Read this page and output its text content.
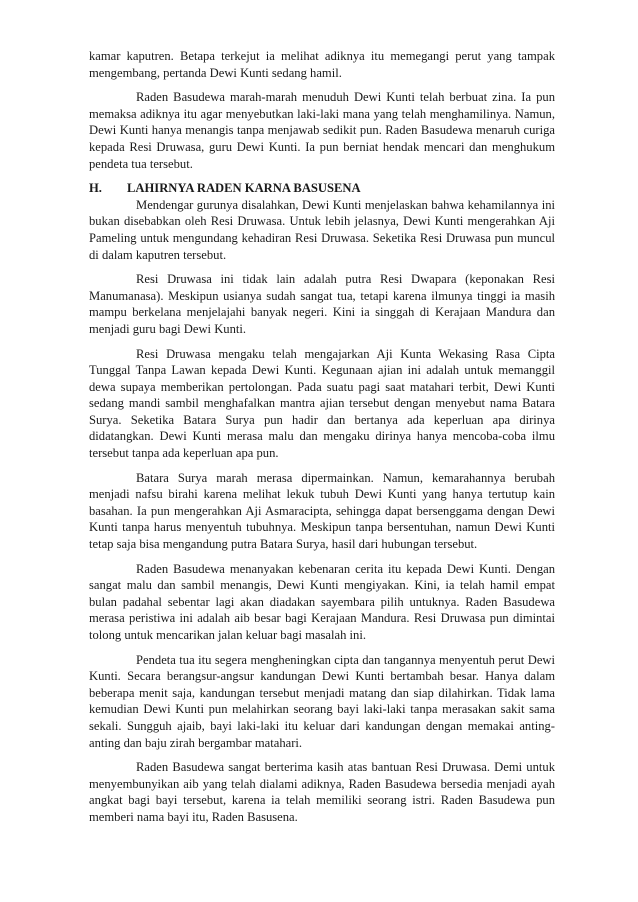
kamar kaputren. Betapa terkejut ia melihat adiknya itu memegangi perut yang tampak mengembang, pertanda Dewi Kunti sedang hamil.

Raden Basudewa marah-marah menuduh Dewi Kunti telah berbuat zina. Ia pun memaksa adiknya itu agar menyebutkan laki-laki mana yang telah menghamilinya. Namun, Dewi Kunti hanya menangis tanpa menjawab sedikit pun. Raden Basudewa menaruh curiga kepada Resi Druwasa, guru Dewi Kunti. Ia pun berniat hendak mencari dan menghukum pendeta tua tersebut.

H.	LAHIRNYA RADEN KARNA BASUSENA

Mendengar gurunya disalahkan, Dewi Kunti menjelaskan bahwa kehamilannya ini bukan disebabkan oleh Resi Druwasa. Untuk lebih jelasnya, Dewi Kunti mengerahkan Aji Pameling untuk mengundang kehadiran Resi Druwasa. Seketika Resi Druwasa pun muncul di dalam kaputren tersebut.

Resi Druwasa ini tidak lain adalah putra Resi Dwapara (keponakan Resi Manumanasa). Meskipun usianya sudah sangat tua, tetapi karena ilmunya tinggi ia masih mampu berkelana menjelajahi banyak negeri. Kini ia singgah di Kerajaan Mandura dan menjadi guru bagi Dewi Kunti.

Resi Druwasa mengaku telah mengajarkan Aji Kunta Wekasing Rasa Cipta Tunggal Tanpa Lawan kepada Dewi Kunti. Kegunaan ajian ini adalah untuk memanggil dewa supaya memberikan pertolongan. Pada suatu pagi saat matahari terbit, Dewi Kunti sedang mandi sambil menghafalkan mantra ajian tersebut dengan menyebut nama Batara Surya. Seketika Batara Surya pun hadir dan bertanya ada keperluan apa dirinya didatangkan. Dewi Kunti merasa malu dan mengaku dirinya hanya mencoba-coba ilmu tersebut tanpa ada keperluan apa pun.

Batara Surya marah merasa dipermainkan. Namun, kemarahannya berubah menjadi nafsu birahi karena melihat lekuk tubuh Dewi Kunti yang hanya tertutup kain basahan. Ia pun mengerahkan Aji Asmaracipta, sehingga dapat bersenggama dengan Dewi Kunti tanpa harus menyentuh tubuhnya. Meskipun tanpa bersentuhan, namun Dewi Kunti tetap saja bisa mengandung putra Batara Surya, hasil dari hubungan tersebut.

Raden Basudewa menanyakan kebenaran cerita itu kepada Dewi Kunti. Dengan sangat malu dan sambil menangis, Dewi Kunti mengiyakan. Kini, ia telah hamil empat bulan padahal sebentar lagi akan diadakan sayembara pilih untuknya. Raden Basudewa merasa peristiwa ini adalah aib besar bagi Kerajaan Mandura. Resi Druwasa pun dimintai tolong untuk mencarikan jalan keluar bagi masalah ini.

Pendeta tua itu segera mengheningkan cipta dan tangannya menyentuh perut Dewi Kunti. Secara berangsur-angsur kandungan Dewi Kunti bertambah besar. Hanya dalam beberapa menit saja, kandungan tersebut menjadi matang dan siap dilahirkan. Tidak lama kemudian Dewi Kunti pun melahirkan seorang bayi laki-laki tanpa merasakan sakit sama sekali. Sungguh ajaib, bayi laki-laki itu keluar dari kandungan dengan memakai anting-anting dan baju zirah bergambar matahari.

Raden Basudewa sangat berterima kasih atas bantuan Resi Druwasa. Demi untuk menyembunyikan aib yang telah dialami adiknya, Raden Basudewa bersedia menjadi ayah angkat bagi bayi tersebut, karena ia telah memiliki seorang istri. Raden Basudewa pun memberi nama bayi itu, Raden Basusena.
